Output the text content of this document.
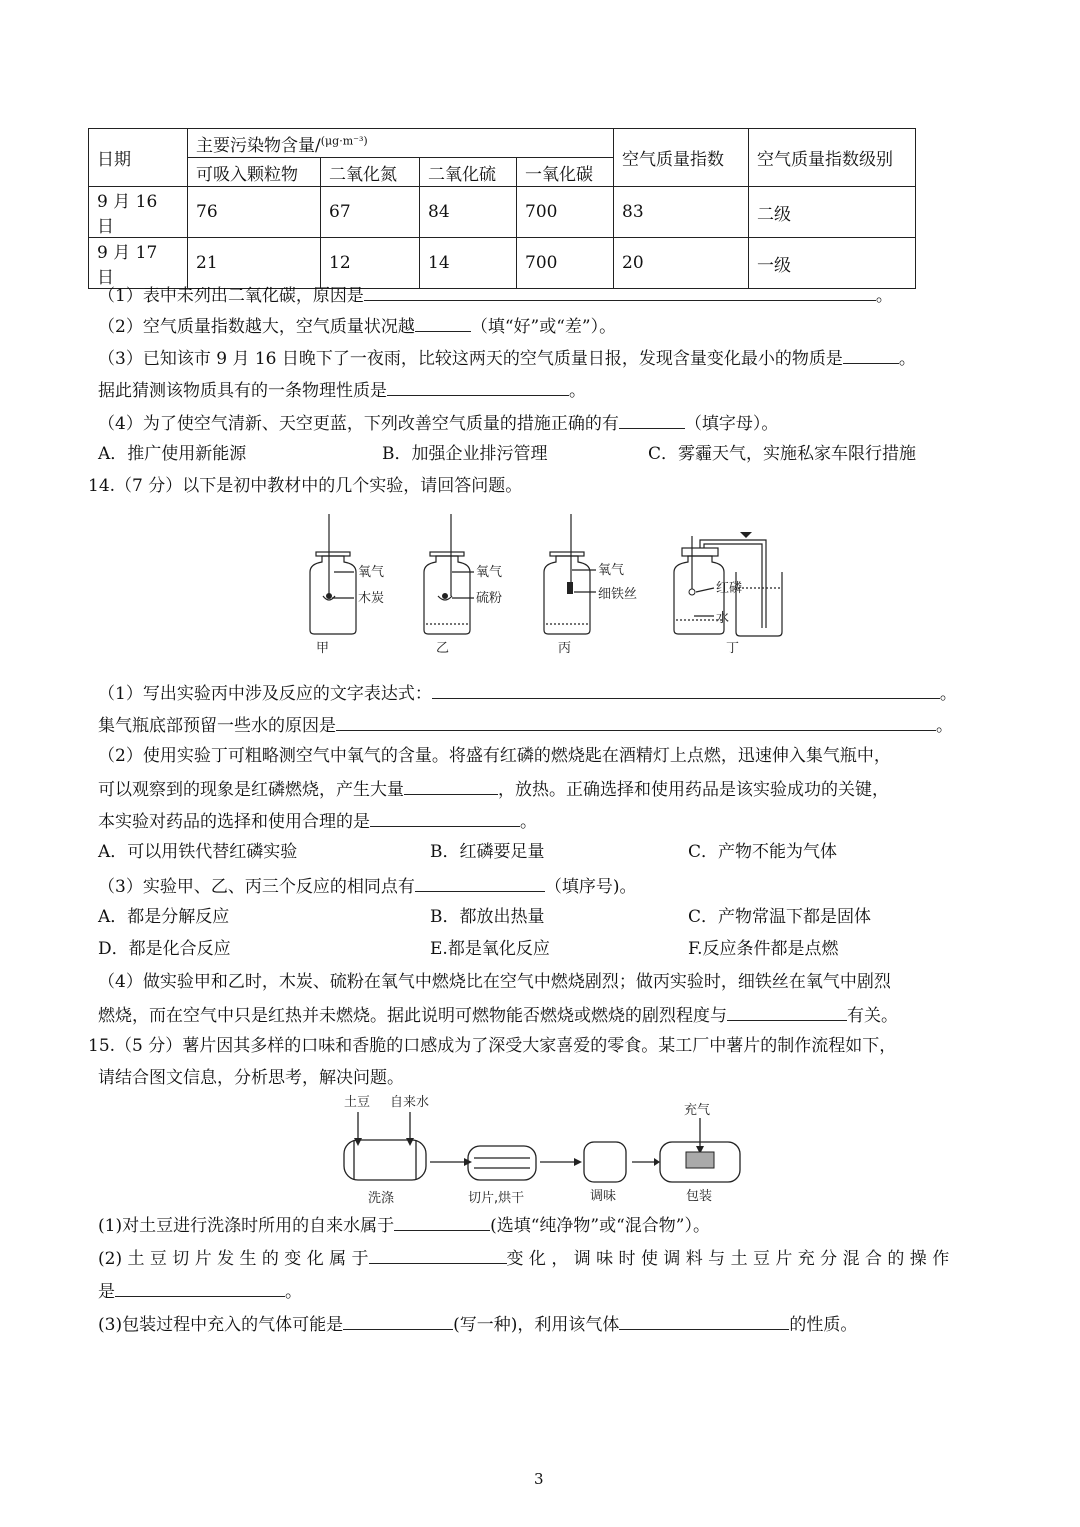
日期	主要污染物含量/$^{(\mu g\cdot m^{-3})}$				空气质量指数	空气质量指数级别
	可吸入颗粒物	二氧化氮	二氧化硫	一氧化碳		
9 月 16 日	76	67	84	700	83	二级
9 月 17 日	21	12	14	700	20	一级
（1）表中未列出二氧化碳，原因是	。
（2）空气质量指数越大，空气质量状况越	（填“好”或“差”）。
（3）已知该市 9 月 16 日晚下了一夜雨，比较这两天的空气质量日报，发现含量变化最小的物质是	。
据此猜测该物质具有的一条物理性质是	。
（4）为了使空气清新、天空更蓝，下列改善空气质量的措施正确的有	（填字母）。
A．推广使用新能源	B．加强企业排污管理	C．雾霾天气，实施私家车限行措施
14.（7 分）以下是初中教材中的几个实验，请回答问题。
氧气
木炭
氧气
硫粉
氧气
细铁丝	红磷
水
甲	乙	丙	丁
（1）写出实验丙中涉及反应的文字表达式：	。
集气瓶底部预留一些水的原因是	。
（2）使用实验丁可粗略测空气中氧气的含量。将盛有红磷的燃烧匙在酒精灯上点燃，迅速伸入集气瓶中，
可以观察到的现象是红磷燃烧，产生大量	，放热。正确选择和使用药品是该实验成功的关键，
本实验对药品的选择和使用合理的是	。
A．可以用铁代替红磷实验	B．红磷要足量	C．产物不能为气体
（3）实验甲、乙、丙三个反应的相同点有	（填序号)。
A．都是分解反应	B．都放出热量	C．产物常温下都是固体
D．都是化合反应	E.都是氧化反应	F.反应条件都是点燃
（4）做实验甲和乙时，木炭、硫粉在氧气中燃烧比在空气中燃烧剧烈；做丙实验时，细铁丝在氧气中剧烈
燃烧，而在空气中只是红热并未燃烧。据此说明可燃物能否燃烧或燃烧的剧烈程度与	有关。
15.（5 分）薯片因其多样的口味和香脆的口感成为了深受大家喜爱的零食。某工厂中薯片的制作流程如下，
请结合图文信息，分析思考，解决问题。
土豆 自来水
充气
洗涤	切片,烘干	调味	包装
(1)对土豆进行洗涤时所用的自来水属于	(选填“纯净物”或“混合物”）。
(2) 土 豆 切 片 发 生 的 变 化 属 于	变 化 ， 调 味 时 使 调 料 与 土 豆 片 充 分 混 合 的 操 作
是	。
(3)包装过程中充入的气体可能是	(写一种)，利用该气体	的性质。
3
